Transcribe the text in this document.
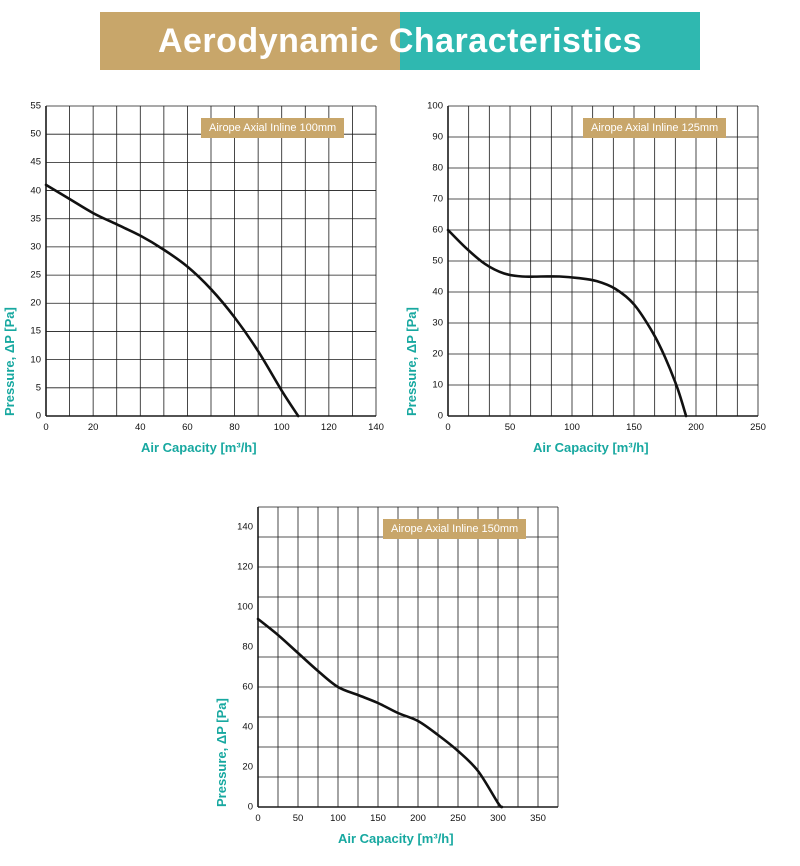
Aerodynamic Characteristics
0	20	40	60	80	100	120	140
0
5
10
15
20
25
30
35
40
45
50
55
Pressure, ΔP [Pa]
Air Capacity [m³/h]
Airope Axial Inline 100mm
0	50	100	150	200	250
0
10
20
30
40
50
60
70
80
90
100
Pressure, ΔP [Pa]
Air Capacity [m³/h]
Airope Axial Inline 125mm
0	50	100	150	200	250	300	350
0
20
40
60
80
100
120
140
Pressure, ΔP [Pa]
Air Capacity [m³/h]
Airope Axial Inline 150mm
